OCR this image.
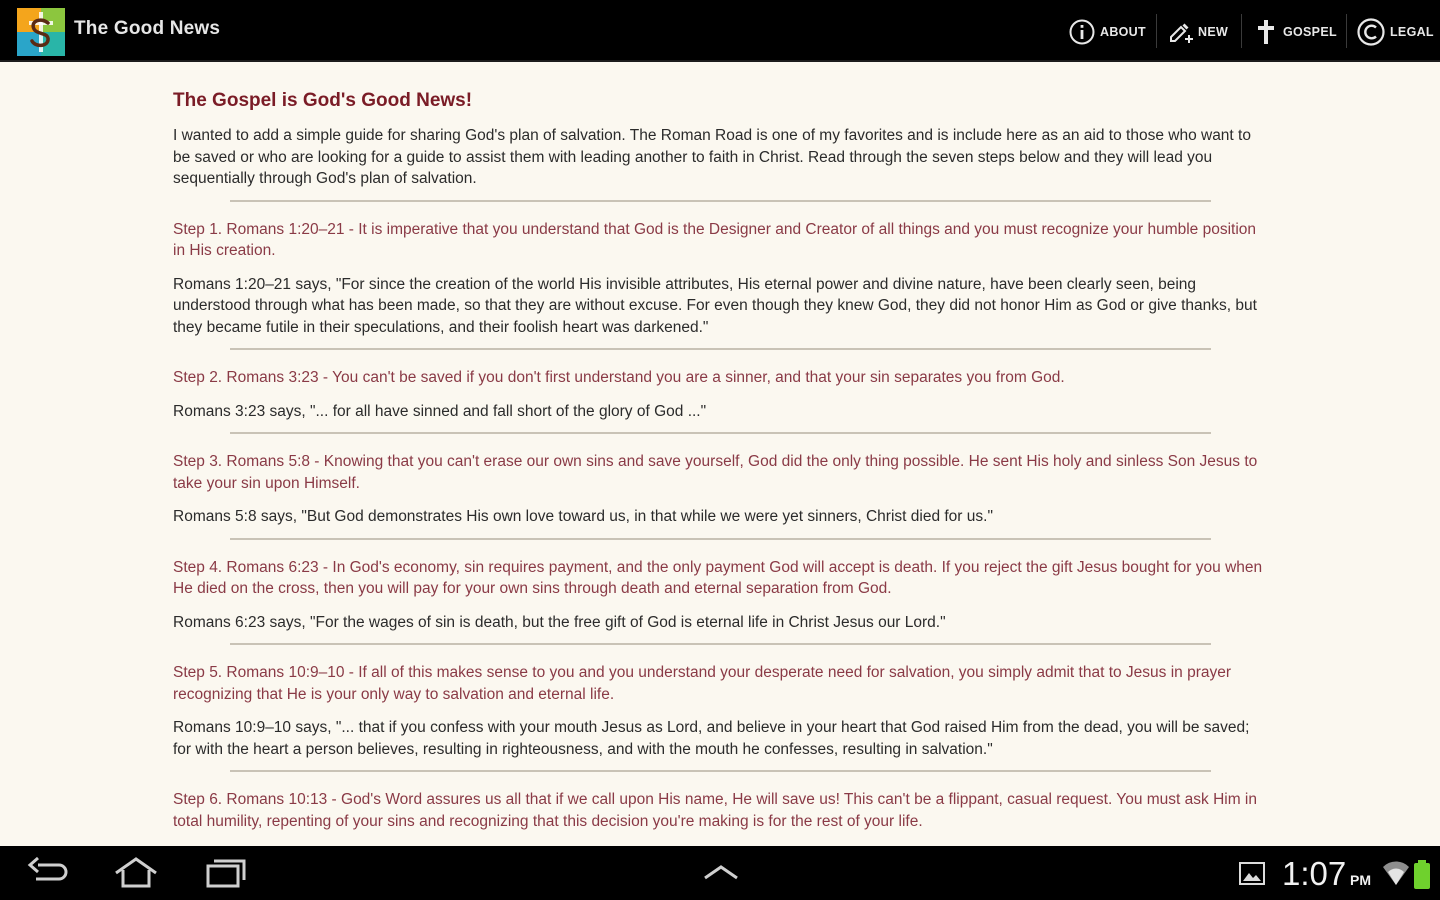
The Good News	ABOUT	NEW	GOSPEL	LEGAL
The Gospel is God's Good News!

I wanted to add a simple guide for sharing God's plan of salvation. The Roman Road is one of my favorites and is include here as an aid to those who want to be saved or who are looking for a guide to assist them with leading another to faith in Christ. Read through the seven steps below and they will lead you sequentially through God's plan of salvation.

Step 1. Romans 1:20–21 - It is imperative that you understand that God is the Designer and Creator of all things and you must recognize your humble position in His creation.

Romans 1:20–21 says, "For since the creation of the world His invisible attributes, His eternal power and divine nature, have been clearly seen, being understood through what has been made, so that they are without excuse. For even though they knew God, they did not honor Him as God or give thanks, but they became futile in their speculations, and their foolish heart was darkened."

Step 2. Romans 3:23 - You can't be saved if you don't first understand you are a sinner, and that your sin separates you from God.

Romans 3:23 says, "... for all have sinned and fall short of the glory of God ..."

Step 3. Romans 5:8 - Knowing that you can't erase our own sins and save yourself, God did the only thing possible. He sent His holy and sinless Son Jesus to take your sin upon Himself.

Romans 5:8 says, "But God demonstrates His own love toward us, in that while we were yet sinners, Christ died for us."

Step 4. Romans 6:23 - In God's economy, sin requires payment, and the only payment God will accept is death. If you reject the gift Jesus bought for you when He died on the cross, then you will pay for your own sins through death and eternal separation from God.

Romans 6:23 says, "For the wages of sin is death, but the free gift of God is eternal life in Christ Jesus our Lord."

Step 5. Romans 10:9–10 - If all of this makes sense to you and you understand your desperate need for salvation, you simply admit that to Jesus in prayer recognizing that He is your only way to salvation and eternal life.

Romans 10:9–10 says, "... that if you confess with your mouth Jesus as Lord, and believe in your heart that God raised Him from the dead, you will be saved; for with the heart a person believes, resulting in righteousness, and with the mouth he confesses, resulting in salvation."

Step 6. Romans 10:13 - God's Word assures us all that if we call upon His name, He will save us! This can't be a flippant, casual request. You must ask Him in total humility, repenting of your sins and recognizing that this decision you're making is for the rest of your life.

1:07 PM
